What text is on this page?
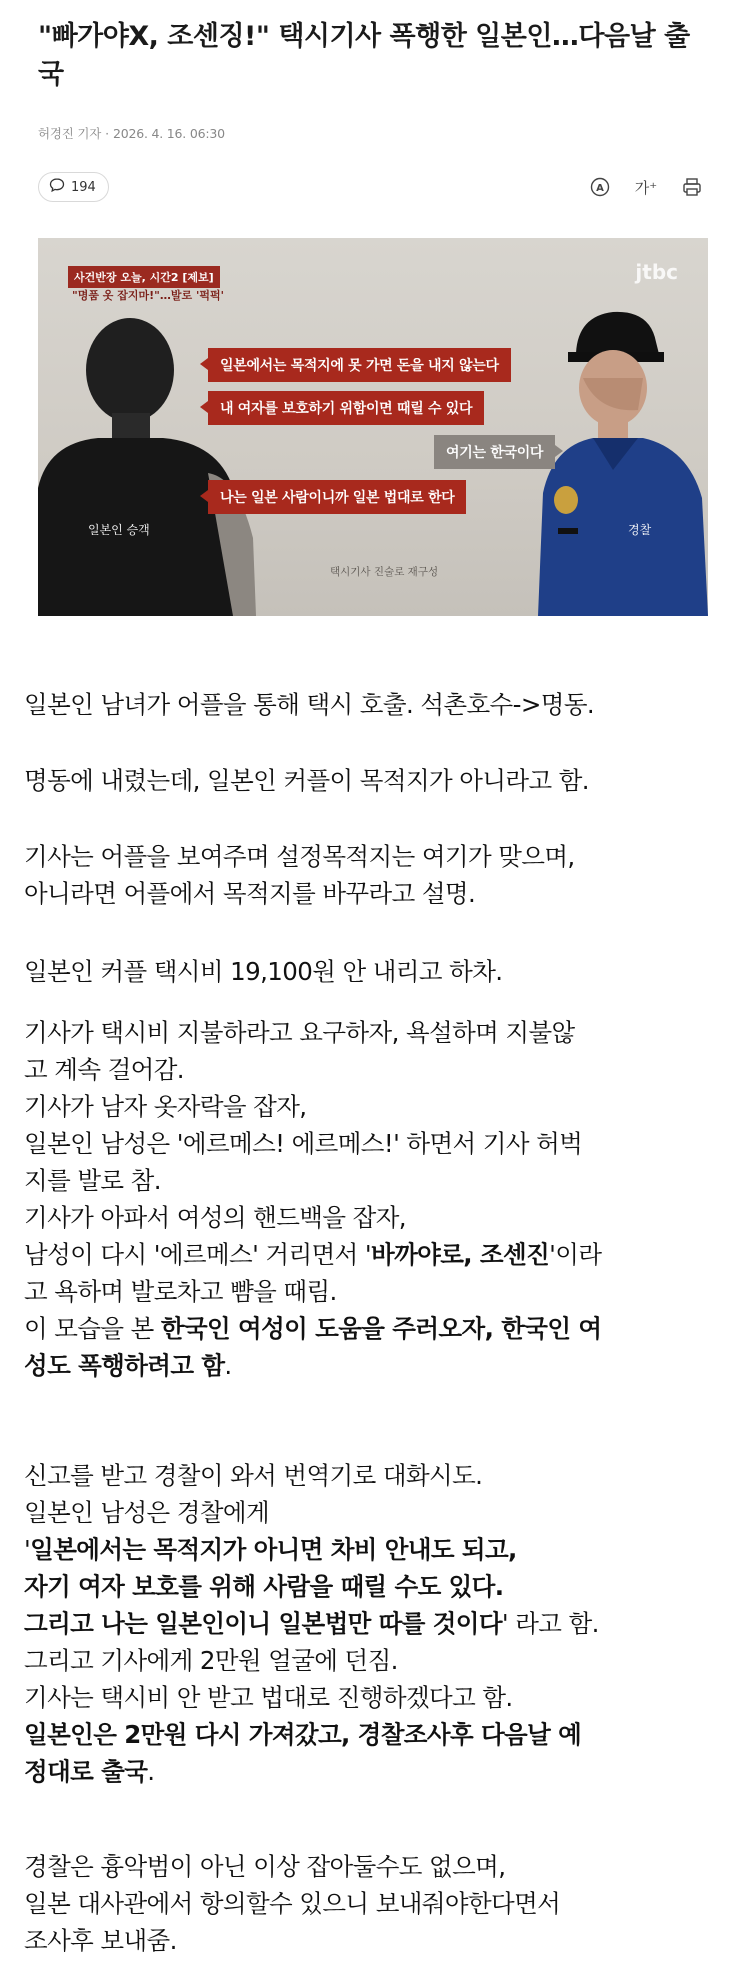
"빠가야X, 조센징!" 택시기사 폭행한 일본인…다음날 출국
허경진 기자 · 2026. 4. 16. 06:30
194	A 가⁺
사건반장 오늘, 시간2 [제보]
"명품 옷 잡지마!"…발로 '퍽퍽'
jtbc
일본에서는 목적지에 못 가면 돈을 내지 않는다
내 여자를 보호하기 위함이면 때릴 수 있다
여기는 한국이다
나는 일본 사람이니까 일본 법대로 한다
일본인 승객	경찰
택시기사 진술로 재구성
일본인 남녀가 어플을 통해 택시 호출. 석촌호수->명동.
명동에 내렸는데, 일본인 커플이 목적지가 아니라고 함.
기사는 어플을 보여주며 설정목적지는 여기가 맞으며,
아니라면 어플에서 목적지를 바꾸라고 설명.
일본인 커플 택시비 19,100원 안 내리고 하차.
기사가 택시비 지불하라고 요구하자, 욕설하며 지불않
고 계속 걸어감.
기사가 남자 옷자락을 잡자,
일본인 남성은 '에르메스! 에르메스!' 하면서 기사 허벅
지를 발로 참.
기사가 아파서 여성의 핸드백을 잡자,
남성이 다시 '에르메스' 거리면서 '바까야로, 조센진'이라
고 욕하며 발로차고 뺨을 때림.
이 모습을 본 한국인 여성이 도움을 주러오자, 한국인 여
성도 폭행하려고 함.
신고를 받고 경찰이 와서 번역기로 대화시도.
일본인 남성은 경찰에게
'일본에서는 목적지가 아니면 차비 안내도 되고,
자기 여자 보호를 위해 사람을 때릴 수도 있다.
그리고 나는 일본인이니 일본법만 따를 것이다' 라고 함.
그리고 기사에게 2만원 얼굴에 던짐.
기사는 택시비 안 받고 법대로 진행하겠다고 함.
일본인은 2만원 다시 가져갔고, 경찰조사후 다음날 예
정대로 출국.
경찰은 흉악범이 아닌 이상 잡아둘수도 없으며,
일본 대사관에서 항의할수 있으니 보내줘야한다면서
조사후 보내줌.
